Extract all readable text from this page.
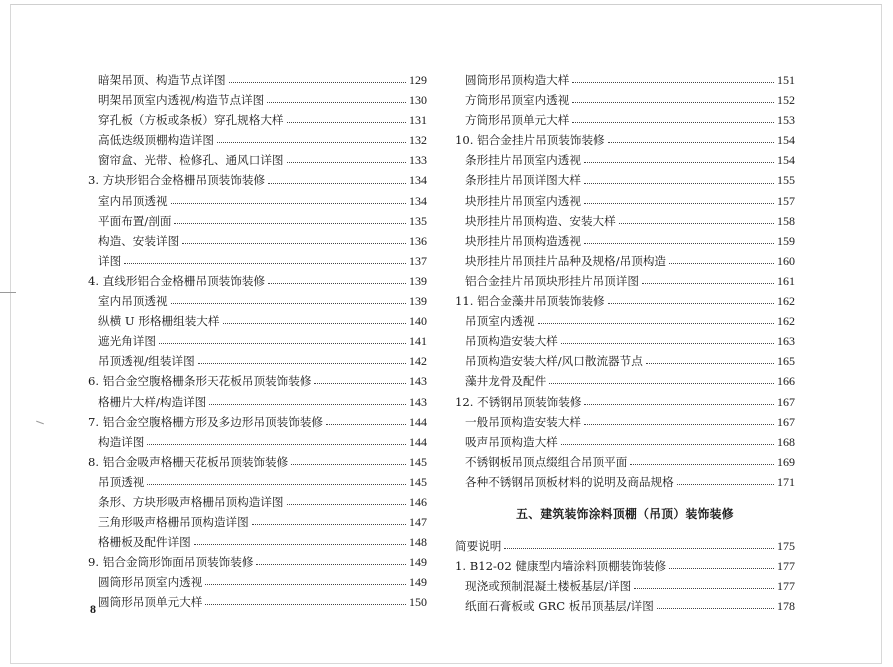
暗架吊顶、构造节点详图	129
明架吊顶室内透视/构造节点详图	130
穿孔板（方板或条板）穿孔规格大样	131
高低迭级顶棚构造详图	132
窗帘盒、光带、检修孔、通风口详图	133
3. 方块形铝合金格栅吊顶装饰装修	134
室内吊顶透视	134
平面布置/剖面	135
构造、安装详图	136
详图	137
4. 直线形铝合金格栅吊顶装饰装修	139
室内吊顶透视	139
纵横 U 形格栅组装大样	140
遮光角详图	141
吊顶透视/组装详图	142
6. 铝合金空腹格栅条形天花板吊顶装饰装修	143
格栅片大样/构造详图	143
7. 铝合金空腹格栅方形及多边形吊顶装饰装修	144
构造详图	144
8. 铝合金吸声格栅天花板吊顶装饰装修	145
吊顶透视	145
条形、方块形吸声格栅吊顶构造详图	146
三角形吸声格栅吊顶构造详图	147
格栅板及配件详图	148
9. 铝合金筒形饰面吊顶装饰装修	149
圆筒形吊顶室内透视	149
圆筒形吊顶单元大样	150
圆筒形吊顶构造大样	151
方筒形吊顶室内透视	152
方筒形吊顶单元大样	153
10. 铝合金挂片吊顶装饰装修	154
条形挂片吊顶室内透视	154
条形挂片吊顶详图大样	155
块形挂片吊顶室内透视	157
块形挂片吊顶构造、安装大样	158
块形挂片吊顶构造透视	159
块形挂片吊顶挂片品种及规格/吊顶构造	160
铝合金挂片吊顶块形挂片吊顶详图	161
11. 铝合金藻井吊顶装饰装修	162
吊顶室内透视	162
吊顶构造安装大样	163
吊顶构造安装大样/风口散流器节点	165
藻井龙骨及配件	166
12. 不锈钢吊顶装饰装修	167
一般吊顶构造安装大样	167
吸声吊顶构造大样	168
不锈钢板吊顶点缀组合吊顶平面	169
各种不锈钢吊顶板材料的说明及商品规格	171
五、建筑装饰涂料顶棚（吊顶）装饰装修
简要说明	175
1. B12-02 健康型内墙涂料顶棚装饰装修	177
现浇或预制混凝土楼板基层/详图	177
纸面石膏板或 GRC 板吊顶基层/详图	178
8
